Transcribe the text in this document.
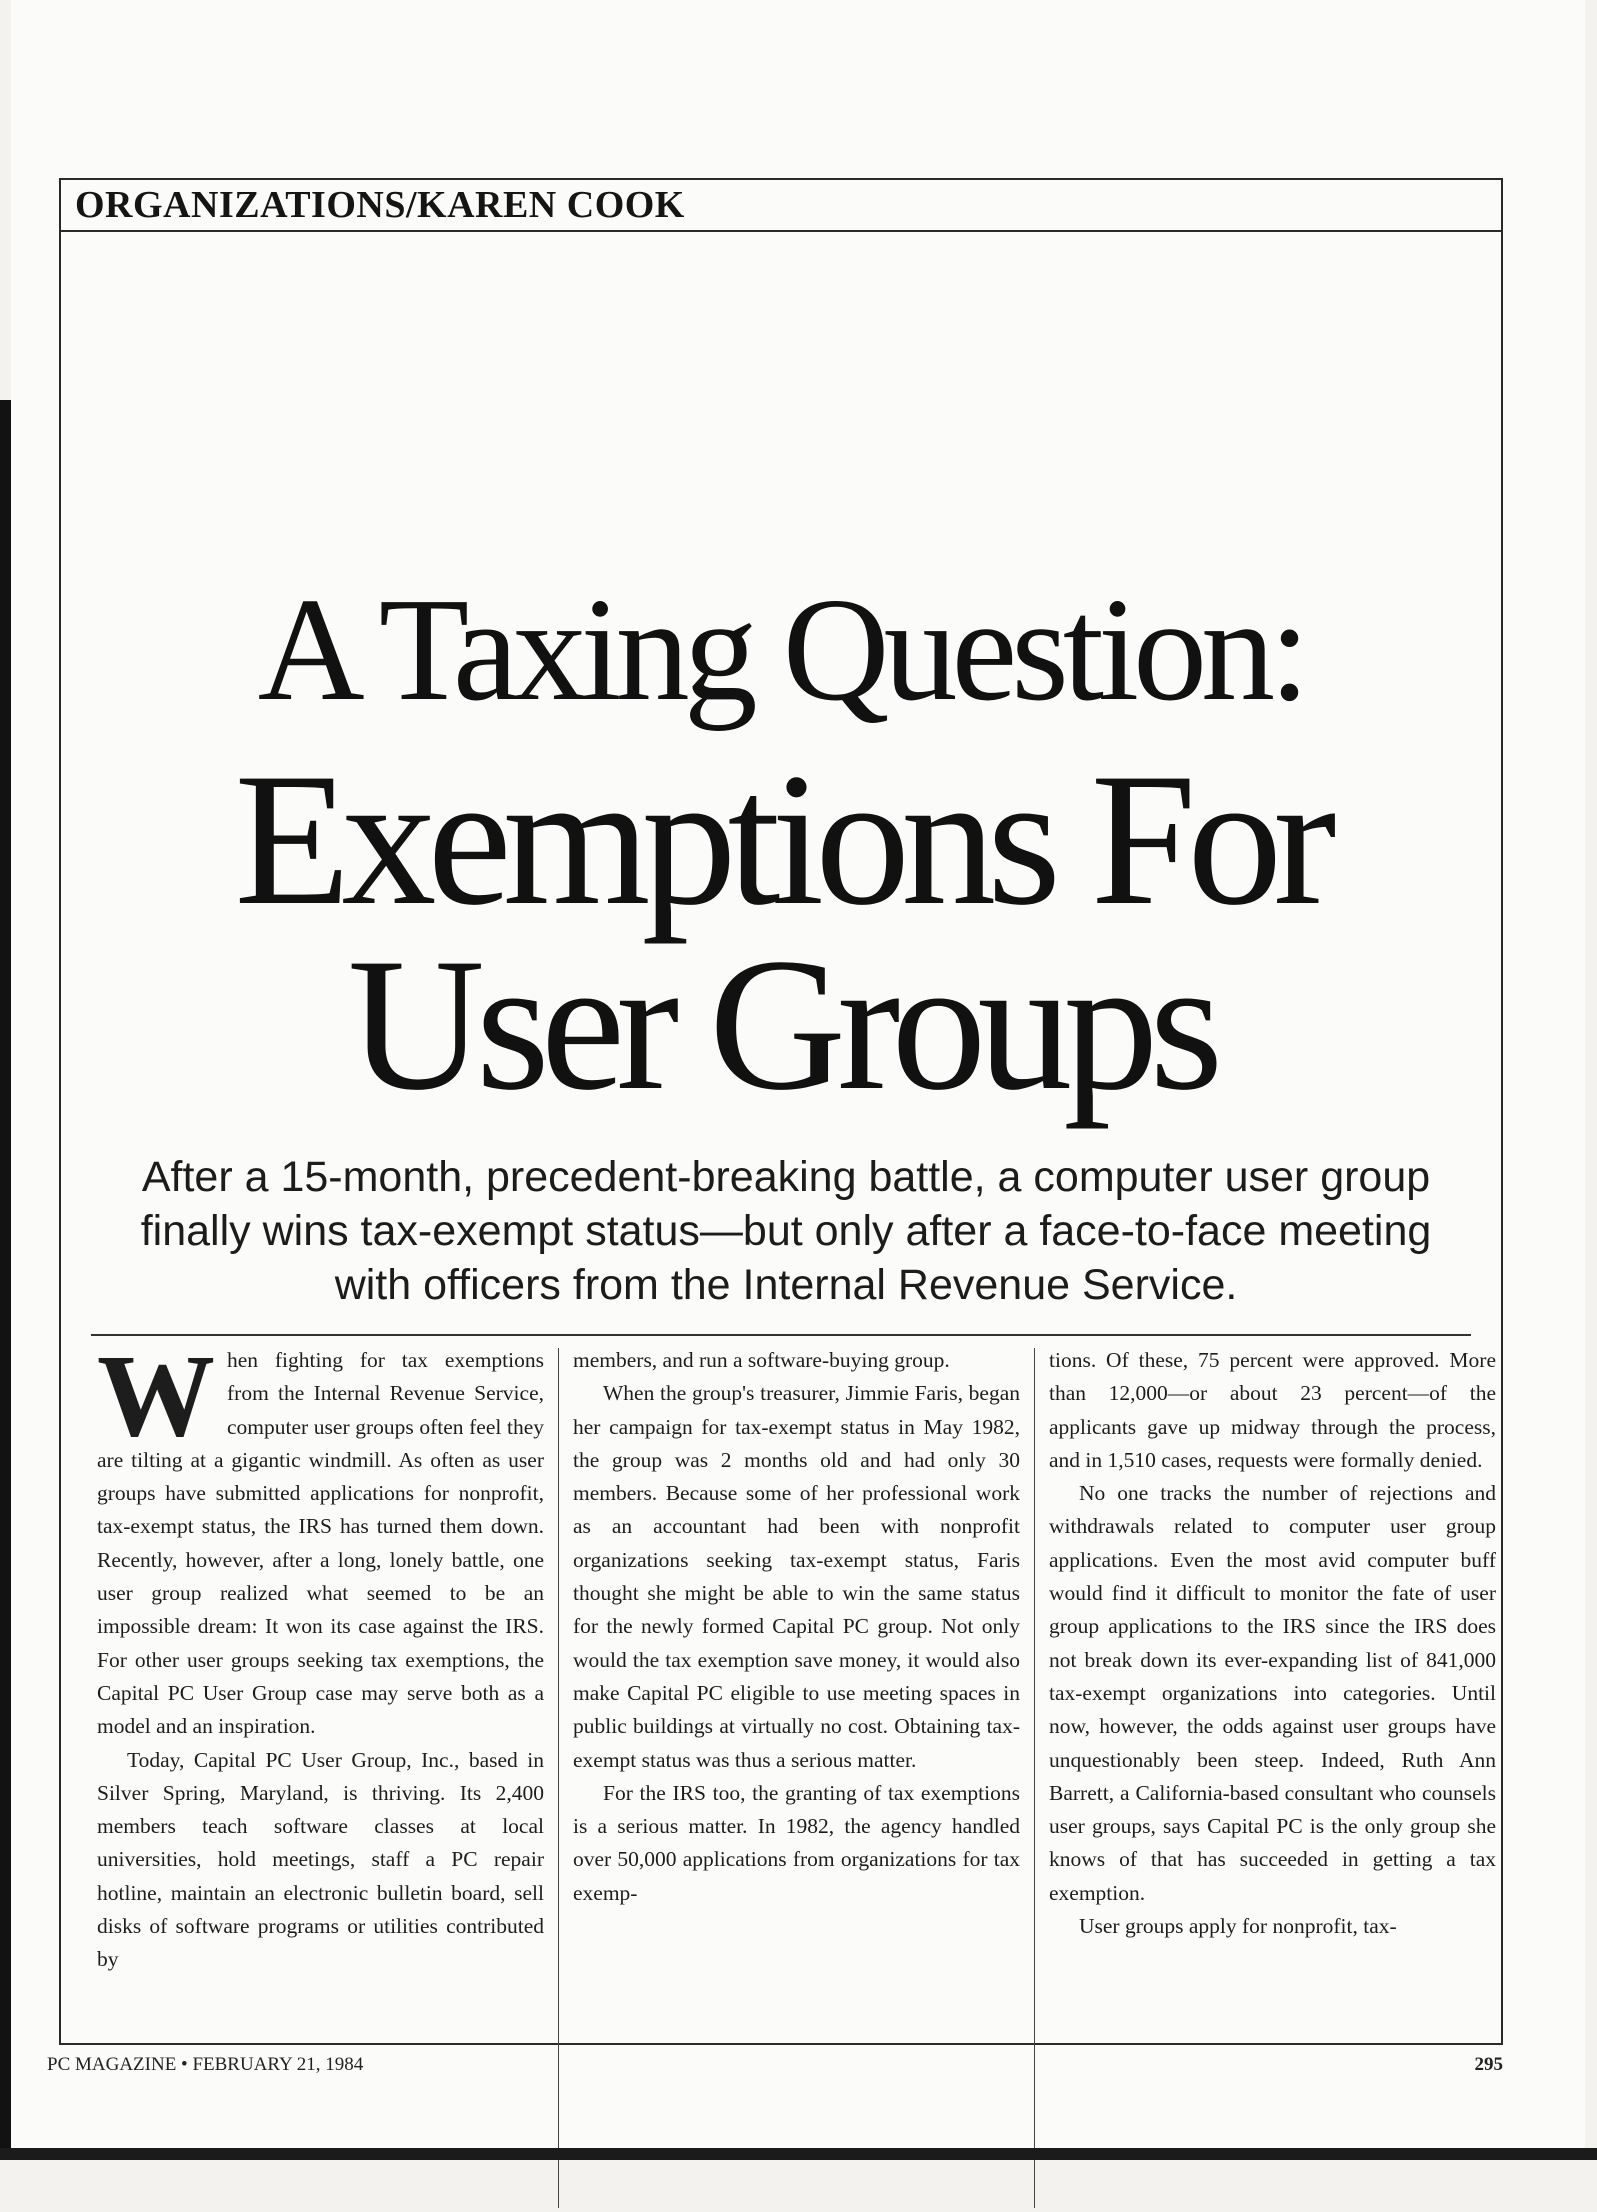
ORGANIZATIONS/KAREN COOK
A Taxing Question:
Exemptions For
User Groups
After a 15-month, precedent-breaking battle, a computer user group finally wins tax-exempt status—but only after a face-to-face meeting with officers from the Internal Revenue Service.

When fighting for tax exemptions from the Internal Revenue Service, computer user groups often feel they are tilting at a gigantic windmill. As often as user groups have submitted applications for nonprofit, tax-exempt status, the IRS has turned them down. Recently, however, after a long, lonely battle, one user group realized what seemed to be an impossible dream: It won its case against the IRS. For other user groups seeking tax exemptions, the Capital PC User Group case may serve both as a model and an inspiration.

Today, Capital PC User Group, Inc., based in Silver Spring, Maryland, is thriving. Its 2,400 members teach software classes at local universities, hold meetings, staff a PC repair hotline, maintain an electronic bulletin board, sell disks of software programs or utilities contributed by

members, and run a software-buying group.

When the group's treasurer, Jimmie Faris, began her campaign for tax-exempt status in May 1982, the group was 2 months old and had only 30 members. Because some of her professional work as an accountant had been with nonprofit organizations seeking tax-exempt status, Faris thought she might be able to win the same status for the newly formed Capital PC group. Not only would the tax exemption save money, it would also make Capital PC eligible to use meeting spaces in public buildings at virtually no cost. Obtaining tax-exempt status was thus a serious matter.

For the IRS too, the granting of tax exemptions is a serious matter. In 1982, the agency handled over 50,000 applications from organizations for tax exemp-

tions. Of these, 75 percent were approved. More than 12,000—or about 23 percent—of the applicants gave up midway through the process, and in 1,510 cases, requests were formally denied.

No one tracks the number of rejections and withdrawals related to computer user group applications. Even the most avid computer buff would find it difficult to monitor the fate of user group applications to the IRS since the IRS does not break down its ever-expanding list of 841,000 tax-exempt organizations into categories. Until now, however, the odds against user groups have unquestionably been steep. Indeed, Ruth Ann Barrett, a California-based consultant who counsels user groups, says Capital PC is the only group she knows of that has succeeded in getting a tax exemption.

User groups apply for nonprofit, tax-

PC MAGAZINE • FEBRUARY 21, 1984	295
